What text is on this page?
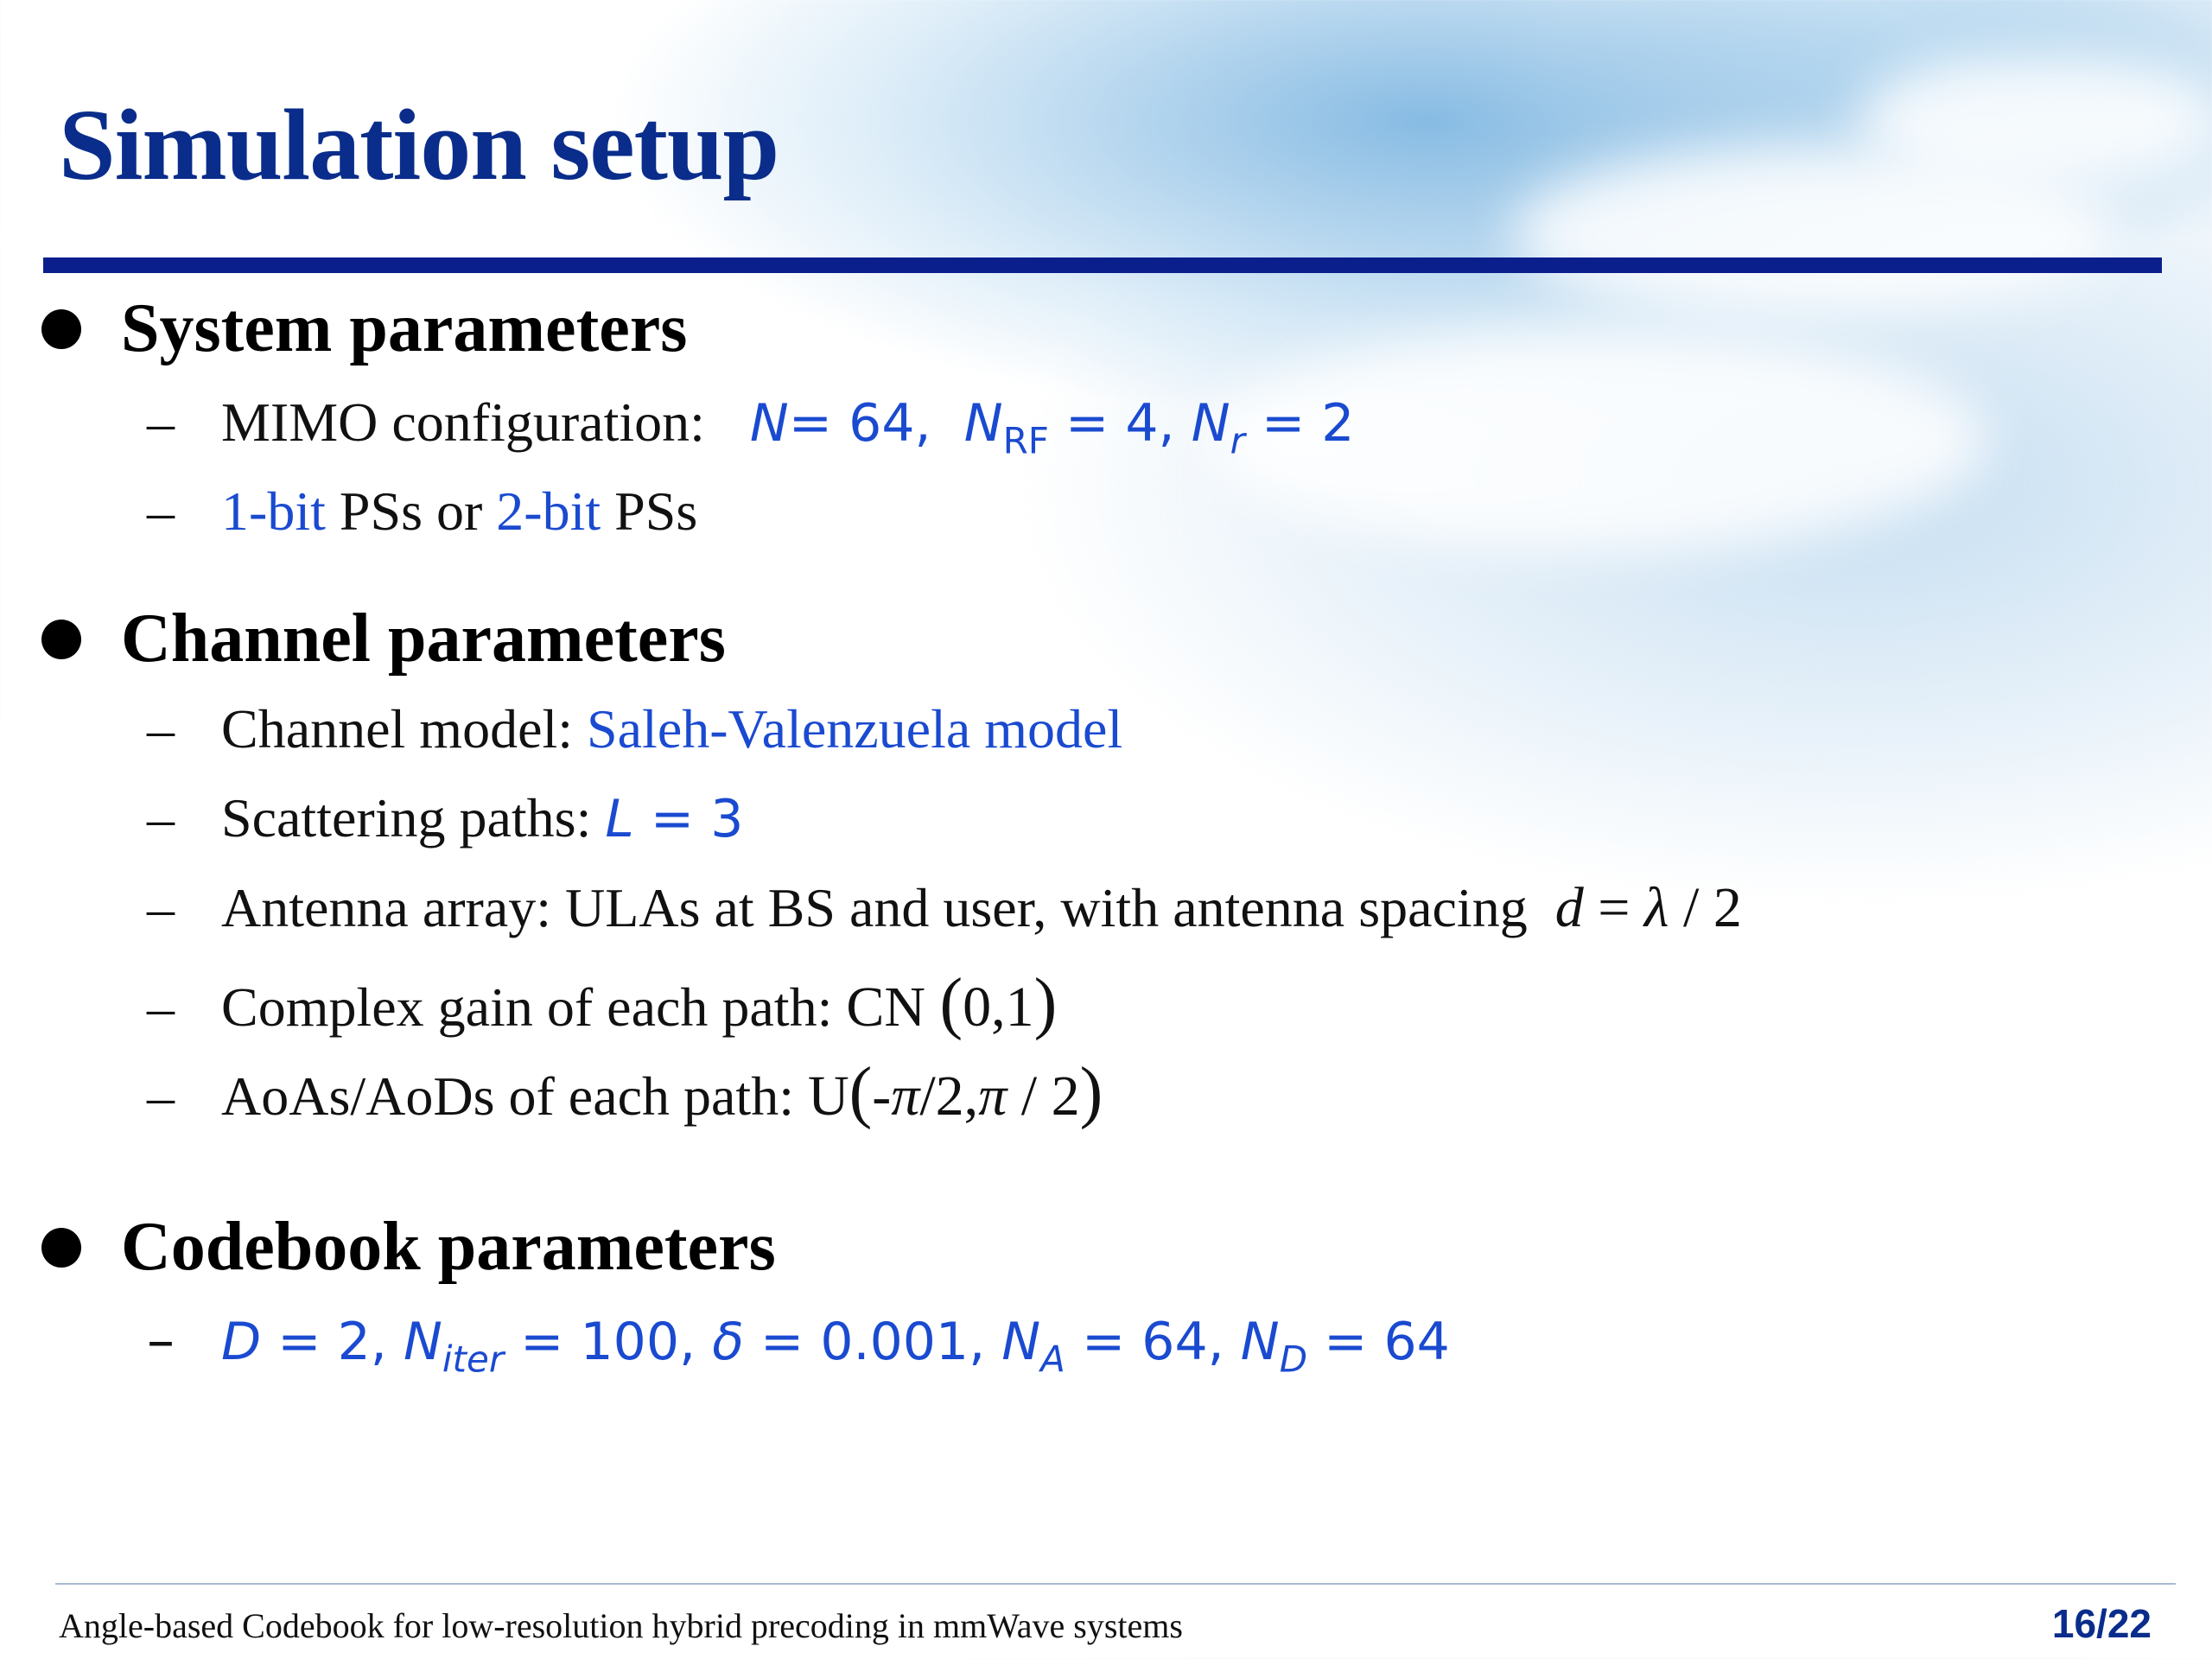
Simulation setup
System parameters
– MIMO configuration: N= 64,  $N_{RF} = 4$, $N_r = 2$
– 1-bit PSs or 2-bit PSs
Channel parameters
– Channel model: Saleh-Valenzuela model
– Scattering paths: L = 3
– Antenna array: ULAs at BS and user, with antenna spacing d = λ / 2
– Complex gain of each path: CN (0,1)
– AoAs/AoDs of each path: U(-π/2,π / 2)
Codebook parameters
– D = 2, $N_{iter} = 100$, δ = 0.001, $N_A = 64$, $N_D = 64$
Angle-based Codebook for low-resolution hybrid precoding in mmWave systems	16/22
